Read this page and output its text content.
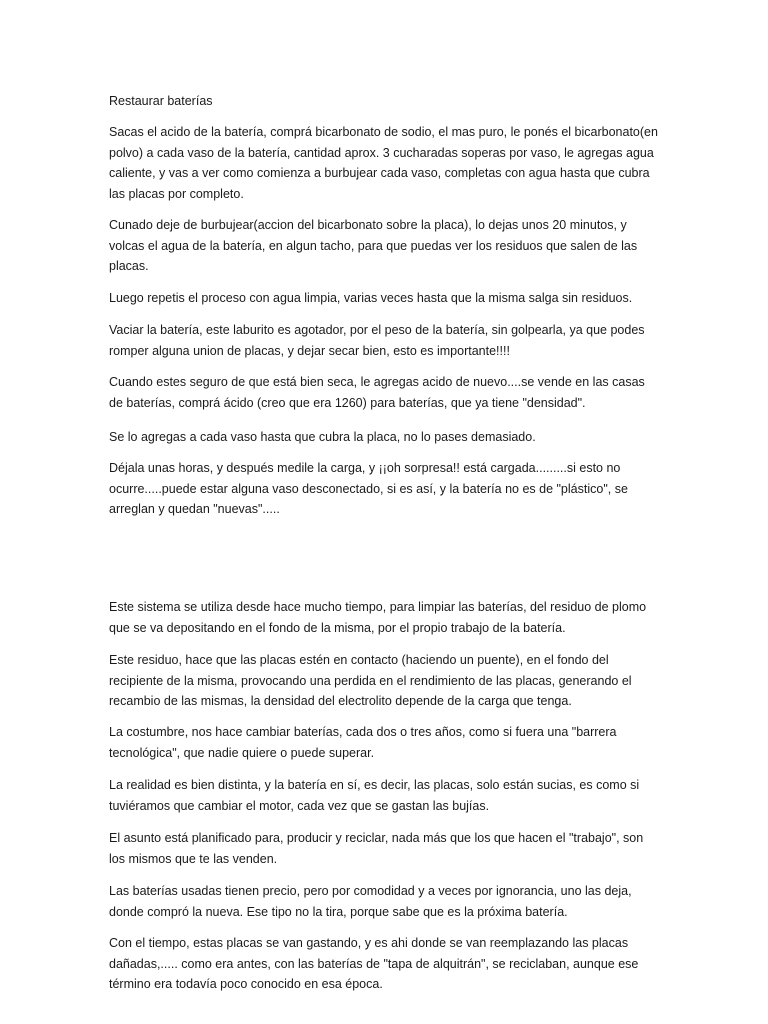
Restaurar baterías

Sacas el acido de la batería, comprá bicarbonato de sodio, el mas puro, le ponés el bicarbonato(en polvo) a cada vaso de la batería, cantidad aprox. 3 cucharadas soperas por vaso, le agregas agua caliente, y vas a ver como comienza a burbujear cada vaso, completas con agua hasta que cubra las placas por completo.

Cunado deje de burbujear(accion del bicarbonato sobre la placa), lo dejas unos 20 minutos, y volcas el agua de la batería, en algun tacho, para que puedas ver los residuos que salen de las placas.

Luego repetis el proceso con agua limpia, varias veces hasta que la misma salga sin residuos.

Vaciar la batería, este laburito es agotador, por el peso de la batería, sin golpearla, ya que podes romper alguna union de placas, y dejar secar bien, esto es importante!!!!

Cuando estes seguro de que está bien seca, le agregas acido de nuevo....se vende en las casas de baterías, comprá ácido (creo que era 1260) para baterías, que ya tiene "densidad".

Se lo agregas a cada vaso hasta que cubra la placa, no lo pases demasiado.

Déjala unas horas, y después medile la carga, y ¡¡oh sorpresa!! está cargada.........si esto no ocurre.....puede estar alguna vaso desconectado, si es así, y la batería no es de "plástico", se arreglan y quedan "nuevas".....

Este sistema se utiliza desde hace mucho tiempo, para limpiar las baterías, del residuo de plomo que se va depositando en el fondo de la misma, por el propio trabajo de la batería.

Este residuo, hace que las placas estén en contacto (haciendo un puente), en el fondo del recipiente de la misma, provocando una perdida en el rendimiento de las placas, generando el recambio de las mismas, la densidad del electrolito depende de la carga que tenga.

La costumbre, nos hace cambiar baterías, cada dos o tres años, como si fuera una "barrera tecnológica", que nadie quiere o puede superar.

La realidad es bien distinta, y la batería en sí, es decir, las placas, solo están sucias, es como si tuviéramos que cambiar el motor, cada vez que se gastan las bujías.

El asunto está planificado para, producir y reciclar, nada más que los que hacen el "trabajo", son los mismos que te las venden.

Las baterías usadas tienen precio, pero por comodidad y a veces por ignorancia, uno las deja, donde compró la nueva. Ese tipo no la tira, porque sabe que es la próxima batería.

Con el tiempo, estas placas se van gastando, y es ahi donde se van reemplazando las placas dañadas,..... como era antes, con las baterías de "tapa de alquitrán", se reciclaban, aunque ese término era todavía poco conocido en esa época.
